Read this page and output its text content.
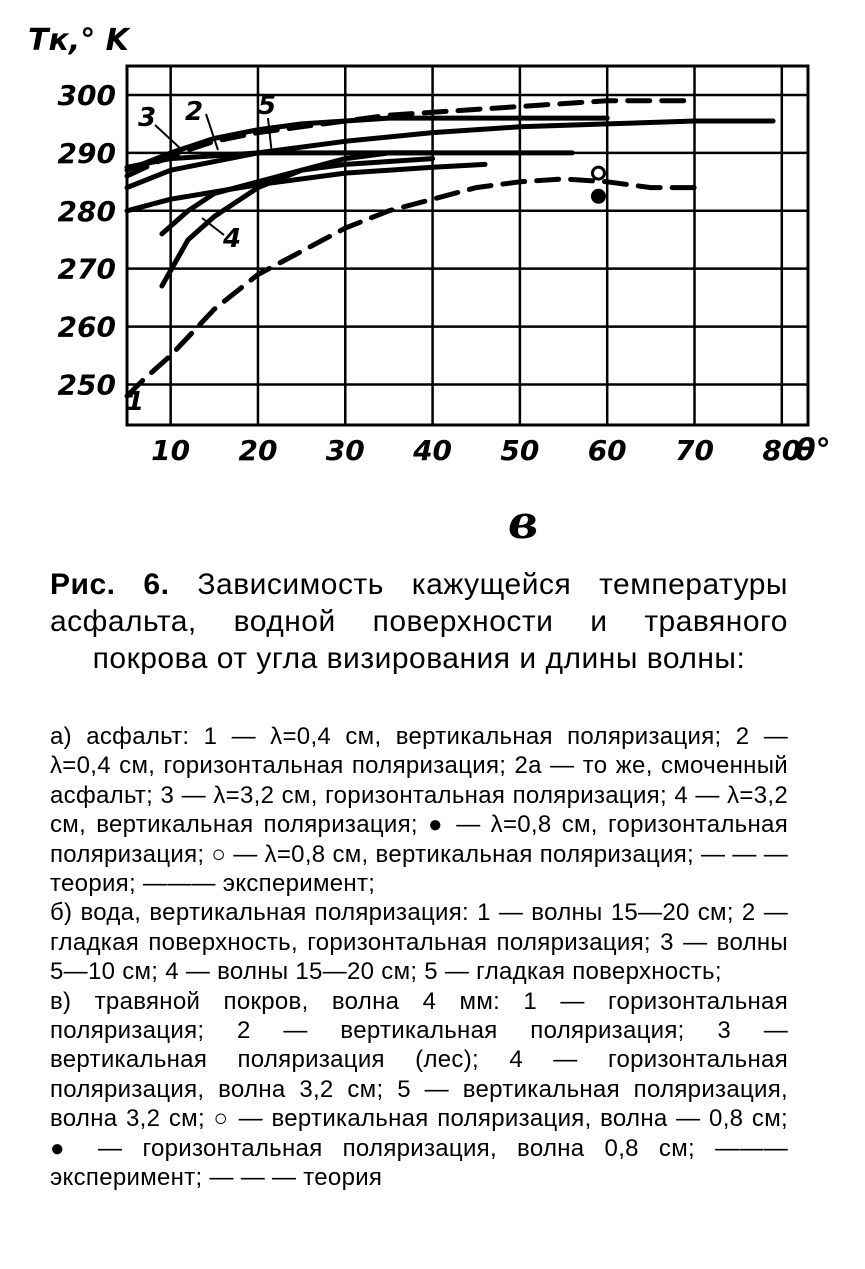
10 20 30 40 50 60 70 80
300
290
280
270
260
250
Tк,° K
θ°
1
2
3
4
5
в
Рис. 6. Зависимость кажущейся температуры асфальта, водной поверхности и травяного покрова от угла визирования и длины волны:
а) асфальт: 1 — λ=0,4 см, вертикальная поляризация; 2 — λ=0,4 см, горизонтальная поляризация; 2а — то же, смоченный асфальт; 3 — λ=3,2 см, горизонтальная поляризация; 4 — λ=3,2 см, вертикальная поляризация; ● — λ=0,8 см, горизонтальная поляризация; ○ — λ=0,8 см, вертикальная поляризация; — — — теория; ——— эксперимент;
б) вода, вертикальная поляризация: 1 — волны 15—20 см; 2 — гладкая поверхность, горизонтальная поляризация; 3 — волны 5—10 см; 4 — волны 15—20 см; 5 — гладкая поверхность;
в) травяной покров, волна 4 мм: 1 — горизонтальная поляризация; 2 — вертикальная поляризация; 3 — вертикальная поляризация (лес); 4 — горизонтальная поляризация, волна 3,2 см; 5 — вертикальная поляризация, волна 3,2 см; ○ — вертикальная поляризация, волна — 0,8 см; ● — горизонтальная поляризация, волна 0,8 см; ——— эксперимент; — — — теория
